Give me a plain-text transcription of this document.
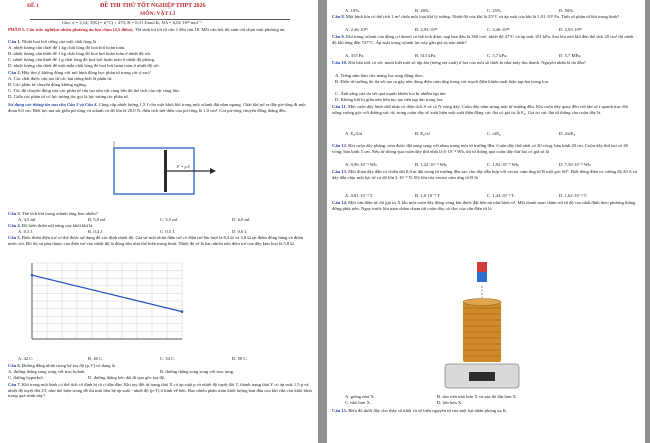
ĐỀ 1	ĐỀ THI THỬ TỐT NGHIỆP THPT 2026
MÔN: VẬT LÍ
Cho: π = 3,14; T(K) = t(°C) + 273; R = 8,31 J/mol.K; NA = 6,02·10²³ mol⁻¹
PHẦN I. Câu trắc nghiệm nhiều phương án lựa chọn (4,5 điểm). Thí sinh trả lời từ câu 1 đến câu 18. Mỗi câu hỏi thí sinh chỉ chọn một phương án.
Câu 1. Nhiệt hoá hơi riêng của một chất lỏng là
A. nhiệt lượng cần thiết để 1 kg chất lỏng đó hoá hơi hoàn toàn.
B. nhiệt lượng cần thiết để 1 kg chất lỏng đó hoá hơi hoàn toàn ở nhiệt độ sôi.
C. nhiệt lượng cần thiết để 1 g chất lỏng đó hoá hơi hoàn toàn ở nhiệt độ phòng.
D. nhiệt lượng cần thiết để một mẫu chất lỏng đó hoá hơi hoàn toàn ở nhiệt độ sôi.
Câu 2. Hãy tìm ý không đúng với mô hình động học phân tử trong các ý sau?
A. Các chất được cấu tạo từ các hạt riêng biệt là phân tử.
B. Các phân tử chuyển động không ngừng.
C. Tốc độ chuyển động của các phân tử cấu tạo nên vật càng lớn thì thể tích của vật càng lớn.
D. Giữa các phân tử có lực tương tác gọi là lực tương tác phân tử.
Sử dụng các thông tin sau cho Câu 3 và Câu 4. Cùng cấp nhiệt lượng 1,5 J cho một khối khí trong một xilanh đặt nằm ngang. Chất khí nở ra đẩy pit-tông đi một đoạn 6,0 cm. Biết lực ma sát giữa pit-tông và xilanh có độ lớn là 20,0 N, điện tích tiết diện của pit-tông là 1,0 cm². Coi pit-tông chuyển động thẳng đều.
F = p.S
Câu 3. Thể tích khí trong xilanh tăng bao nhiêu?
A. 4,5 ml.	B. 5,0 ml.	C. 5,5 ml.	D. 6,0 ml.
Câu 4. Độ biến thiên nội năng của khối khí là
A. 0,3 J.	B. 0,4 J.	C. 0,5 J.	D. 0,6 J.
Câu 5. Biểu thiên điện trở có thể được sử dụng để xác định nhiệt độ. Giả sử một nhiệt điện trở có điện trở lần lượt là 8,4 Ω và 3,6 Ω tại điểm đông băng và điểm nước sôi. Đồ thị sự phụ thuộc của điện trở vào nhiệt độ là đồng dấu như thế hiện trong hình. Nhiệt độ sẽ là bao nhiêu nếu điện trở của dây kim loại là 5,8 Ω.
A. 42 C.	B. 46 C.	C. 54 C.	D. 58 C.
Câu 6. Đường đẳng nhiệt trong hệ toạ độ (p,V) có dạng là
A. đường thẳng song song với trục hoành.	B. đường thẳng song song với trục tung.
C. đường hyperbol.	D. đường thẳng kéo dài đi qua gốc toạ độ.
Câu 7. Khí trong một bình có thể tích cố định bị rò rỉ dần dần. Khi tay đổi từ trạng thái X có áp suất p và nhiệt độ tuyệt đối T, thành trạng thái Y có áp suất 1,5 p và nhiệt độ tuyệt đối 2T, như thể hiện trong đồ thị mối liên hệ áp suất - nhiệt độ (p-T) ở hình vẽ bên. Bao nhiêu phần trăm khối lượng ban đầu của khí vẫn còn khối bình trong quá trình này?
A. 10%.	B. 20%.	C. 25%.	D. 50%.
Câu 8. Một bình kín có thể tích 1 m³ chứa một loại khí lý tưởng. Nhiệt độ của khí là 25°C và áp suất của khí là 1,01·10⁵ Pa. Tính số phân tử khí trong bình?
A. 2,46·10²⁵	B. 2,93·10²⁵	C. 2,46·10²⁸	D. 2,93·10²⁸
Câu 9. Khí trong xilanh của động cơ diesel có thể tích được nạp ban đầu là 360 cm³, nhiệt độ 47°C và áp suất 101 kPa. Sau khi nén khí đến thể tích 20 cm³ thì nhiệt độ khí tăng đến 727°C. Áp suất trong xilanh lúc này gần giá trị nào nhất?
A. 315 Pa.	B. 315 kPa.	C. 5,7 kPa.	D. 5,7 MPa.
Câu 10. Khi bấu trời có sét, muốt biết một số tập âm (tiếng sét xuất) ở loa của một số thiết bị như máy thu thanh. Nguyên nhân là do đâu?
A. Tiếng sấm làm cho màng loa rung động theo.
B. Điện từ trường do tia sét tạo ra gây nên dòng điện cảm ứng trong các mạch điện khiến xuất hiện tạp âm trong loa.
C. Ánh sáng của tia sét quá mạnh khiến loa bị nhiễm tạp âm.
D. Không khí bị giãn nén liên tục tạo nên tạp âm trong loa.
Câu 11. Một cuộn dây hình chữ nhật có diện tích S và có N vòng dây. Cuộn dây nằm trong một từ trường đều. Khi cuộn dây quay đều với tần số f quanh trục đối xứng vuông góc với đường sức từ, trong cuộn dây sẽ xuất hiện một suất điện động cực đại có giá trị là E₀. Giá trị cực đại từ thông của cuộn dây là
A. E₀/2πf	B. E₀/πf	C. πfE₀	D. 2πfE₀
Câu 12. Hai cuộn dây phẳng, tròn được đặt song song với nhau trong một từ trường đều. Cuộn dây thứ nhất có 20 vòng, bán kính 20 cm. Cuộn dây thứ hai có 40 vòng, bán kính 5 cm. Nếu từ thông qua cuộn dây thứ nhất là 6·10⁻⁴ Wb, thì từ thông qua cuộn dây thứ hai có giá trị là
A. 0,96·10⁻⁵ Wb.	B. 1,22·10⁻⁴ Wb.	C. 1,92·10⁻⁵ Wb.	D. 7,50·10⁻⁵ Wb.
Câu 13. Một đoạn dây dẫn có chiều dài 0,8 m đặt trong từ trường đều sao cho dây dẫn hợp với vector cảm ứng từ B một góc 60°. Biết dòng điện có cường độ 20 A và dây dẫn chịu một lực từ có độ lớn 2·10⁻² N. Độ lớn của vector cảm ứng từ B là
A. 0,81·10⁻³ T.	B. 1,0·10⁻³ T.	C. 1,44·10⁻³ T.	D. 1,62·10⁻³ T.
Câu 14. Một cân điện tử chỉ giá trị X khi một cuộn dây đồng vòng kín được đặt bên nó như hình vẽ. Một thanh nam châm rơi từ độ cao nhất định theo phương thẳng đứng phía trên. Ngay trước khi nam châm chạm tới cuộn dây, số đọc của cân điện tử là
A. giống như X.	B. dao tiến nhỏ hơn X và sau đó lớn hơn X.
C. nhỏ hơn X.	D. lớn hơn X.
Câu 15. Biểu đồ dưới đây cho thấy số khối và số hiệu nguyên tử của một hạt nhân phóng xạ K.
